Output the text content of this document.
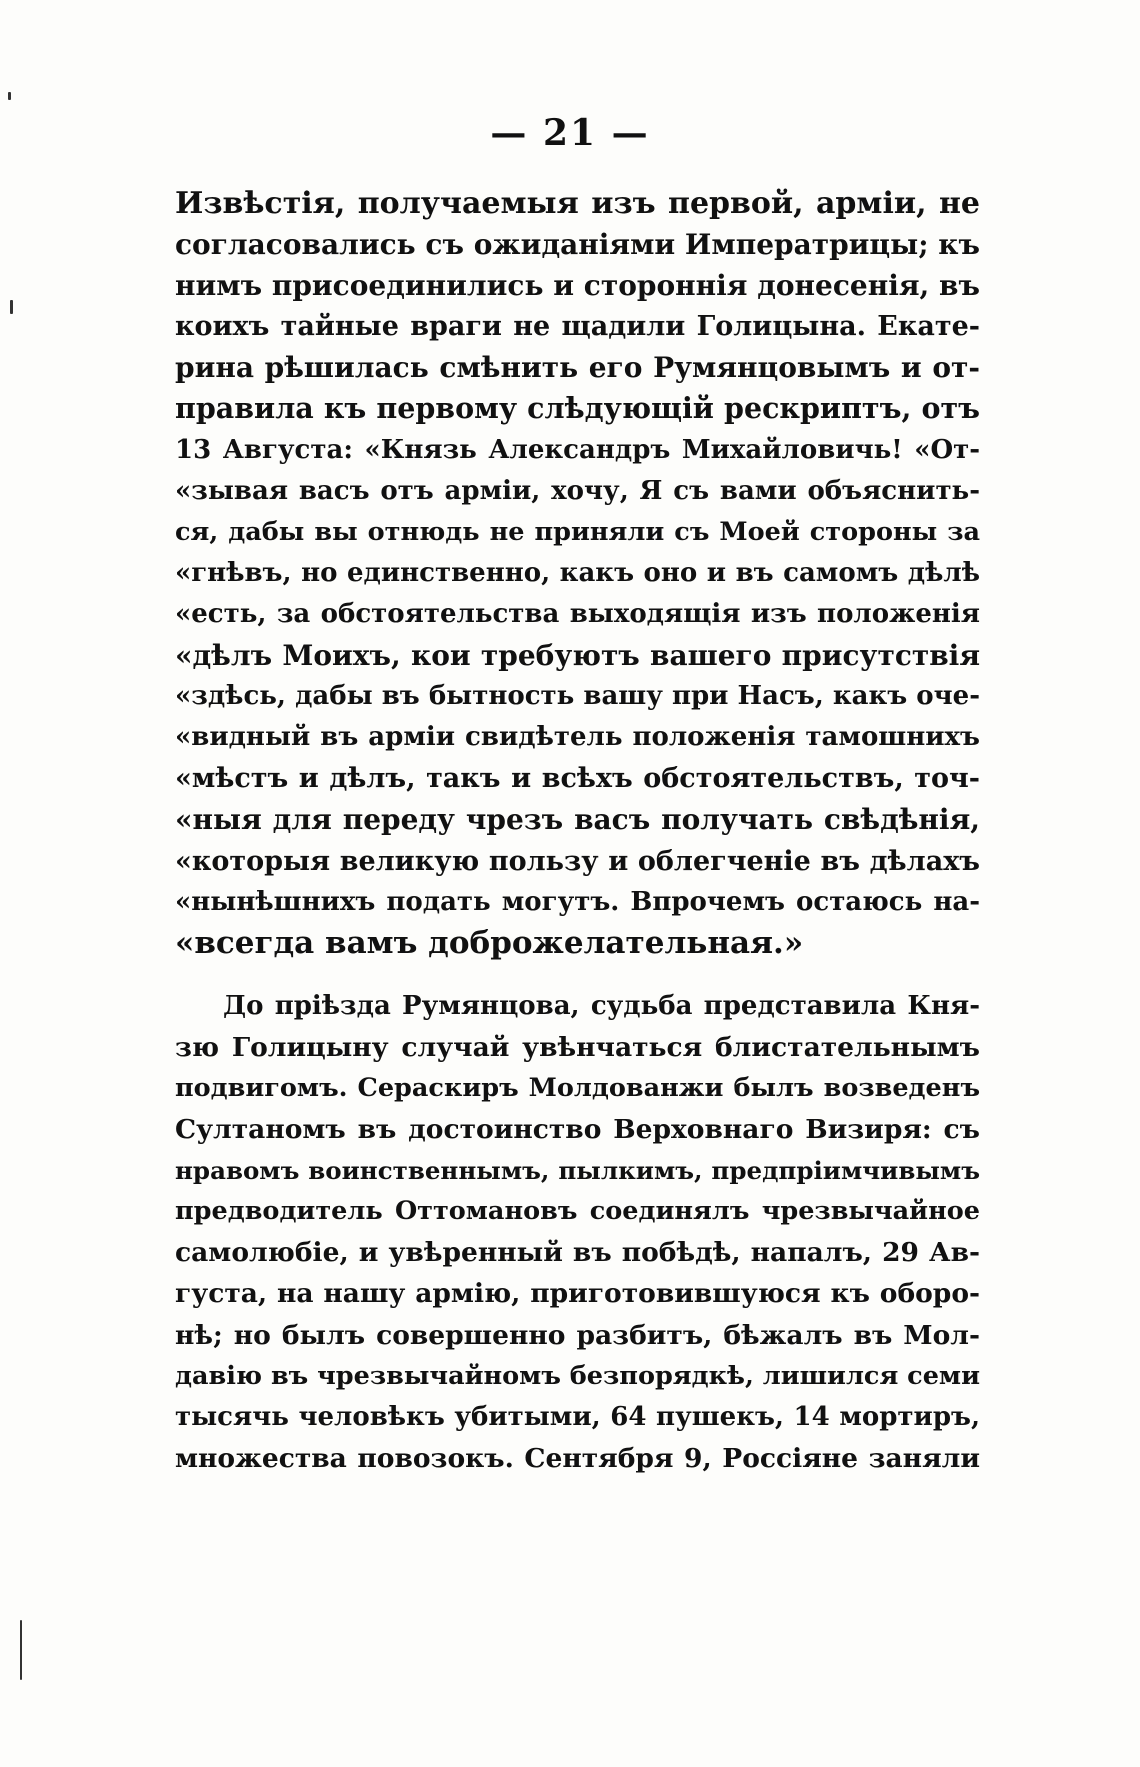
— 21 —
Извѣстія, получаемыя изъ первой, арміи, не
согласовались съ ожиданіями Императрицы; къ
нимъ присоединились и стороннія донесенія, въ
коихъ тайные враги не щадили Голицына. Екате-
рина рѣшилась смѣнить его Румянцовымъ и от-
правила къ первому слѣдующій рескриптъ, отъ
13 Августа: «Князь Александръ Михайловичь! «От-
«зывая васъ отъ арміи, хочу, Я съ вами объяснить-
ся, дабы вы отнюдь не приняли съ Моей стороны за
«гнѣвъ, но единственно, какъ оно и въ самомъ дѣлѣ
«есть, за обстоятельства выходящія изъ положенія
«дѣлъ Моихъ, кои требуютъ вашего присутствія
«здѣсь, дабы въ бытность вашу при Насъ, какъ оче-
«видный въ арміи свидѣтель положенія тамошнихъ
«мѣстъ и дѣлъ, такъ и всѣхъ обстоятельствъ, точ-
«ныя для переду чрезъ васъ получать свѣдѣнія,
«которыя великую пользу и облегченіе въ дѣлахъ
«нынѣшнихъ подать могутъ. Впрочемъ остаюсь на-
«всегда вамъ доброжелательная.»
До пріѣзда Румянцова, судьба представила Кня-
зю Голицыну случай увѣнчаться блистательнымъ
подвигомъ. Сераскиръ Молдованжи былъ возведенъ
Султаномъ въ достоинство Верховнаго Визиря: съ
нравомъ воинственнымъ, пылкимъ, предпріимчивымъ
предводитель Оттомановъ соединялъ чрезвычайное
самолюбіе, и увѣренный въ побѣдѣ, напалъ, 29 Ав-
густа, на нашу армію, приготовившуюся къ оборо-
нѣ; но былъ совершенно разбитъ, бѣжалъ въ Мол-
давію въ чрезвычайномъ безпорядкѣ, лишился семи
тысячь человѣкъ убитыми, 64 пушекъ, 14 мортиръ,
множества повозокъ. Сентября 9, Россіяне заняли
